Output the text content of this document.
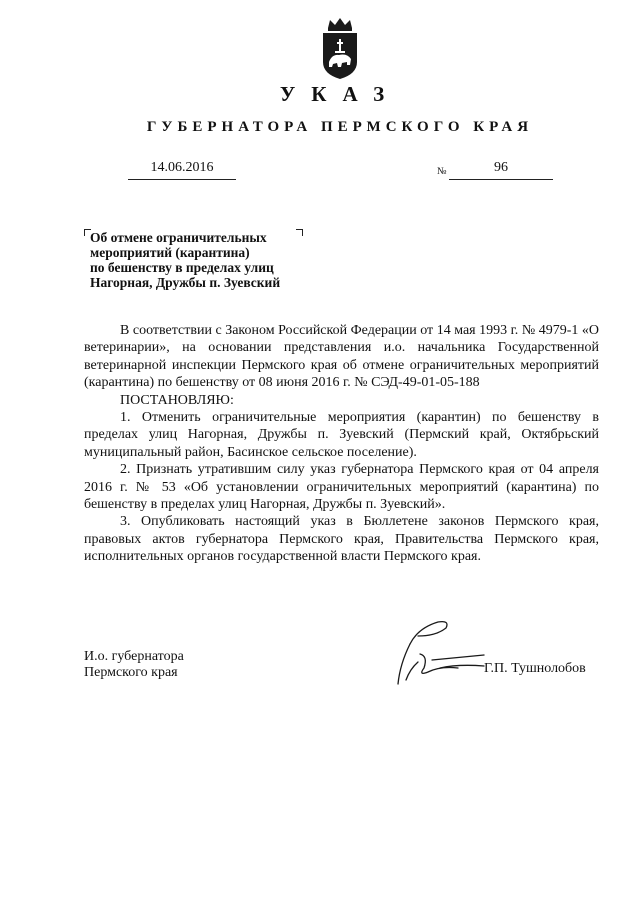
УКАЗ
ГУБЕРНАТОРА ПЕРМСКОГО КРАЯ
14.06.2016	№	96
Об отмене ограничительных
мероприятий (карантина)
по бешенству в пределах улиц
Нагорная, Дружбы п. Зуевский

В соответствии с Законом Российской Федерации от 14 мая 1993 г. № 4979-1 «О ветеринарии», на основании представления и.о. начальника Государственной ветеринарной инспекции Пермского края об отмене ограничительных мероприятий (карантина) по бешенству от 08 июня 2016 г. № СЭД-49-01-05-188

ПОСТАНОВЛЯЮ:

1. Отменить ограничительные мероприятия (карантин) по бешенству в пределах улиц Нагорная, Дружбы п. Зуевский (Пермский край, Октябрьский муниципальный район, Басинское сельское поселение).

2. Признать утратившим силу указ губернатора Пермского края от 04 апреля 2016 г. № 53 «Об установлении ограничительных мероприятий (карантина) по бешенству в пределах улиц Нагорная, Дружбы п. Зуевский».

3. Опубликовать настоящий указ в Бюллетене законов Пермского края, правовых актов губернатора Пермского края, Правительства Пермского края, исполнительных органов государственной власти Пермского края.

И.о. губернатора
Пермского края	Г.П. Тушнолобов
